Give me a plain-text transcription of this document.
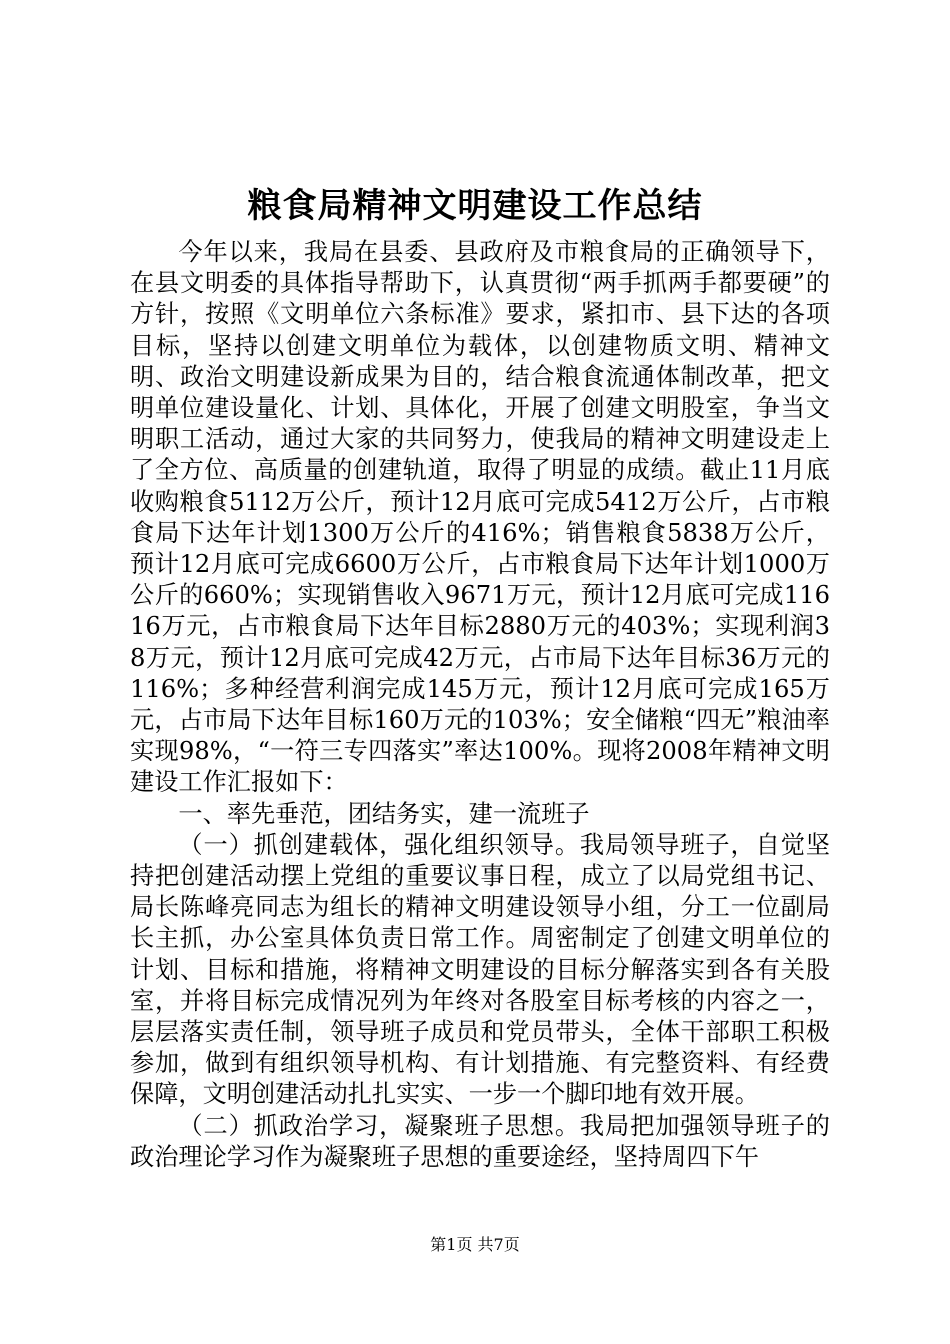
粮食局精神文明建设工作总结

今年以来，我局在县委、县政府及市粮食局的正确领导下，在县文明委的具体指导帮助下，认真贯彻“两手抓两手都要硬”的方针，按照《文明单位六条标准》要求，紧扣市、县下达的各项目标，坚持以创建文明单位为载体，以创建物质文明、精神文明、政治文明建设新成果为目的，结合粮食流通体制改革，把文明单位建设量化、计划、具体化，开展了创建文明股室，争当文明职工活动，通过大家的共同努力，使我局的精神文明建设走上了全方位、高质量的创建轨道，取得了明显的成绩。截止11月底收购粮食5112万公斤，预计12月底可完成5412万公斤，占市粮食局下达年计划1300万公斤的416%；销售粮食5838万公斤，预计12月底可完成6600万公斤，占市粮食局下达年计划1000万公斤的660%；实现销售收入9671万元，预计12月底可完成11616万元，占市粮食局下达年目标2880万元的403%；实现利润38万元，预计12月底可完成42万元，占市局下达年目标36万元的116%；多种经营利润完成145万元，预计12月底可完成165万元，占市局下达年目标160万元的103%；安全储粮“四无”粮油率实现98%，“一符三专四落实”率达100%。现将2008年精神文明建设工作汇报如下：

一、率先垂范，团结务实，建一流班子

（一）抓创建载体，强化组织领导。我局领导班子，自觉坚持把创建活动摆上党组的重要议事日程，成立了以局党组书记、局长陈峰亮同志为组长的精神文明建设领导小组，分工一位副局长主抓，办公室具体负责日常工作。周密制定了创建文明单位的计划、目标和措施，将精神文明建设的目标分解落实到各有关股室，并将目标完成情况列为年终对各股室目标考核的内容之一，层层落实责任制，领导班子成员和党员带头，全体干部职工积极参加，做到有组织领导机构、有计划措施、有完整资料、有经费保障，文明创建活动扎扎实实、一步一个脚印地有效开展。

（二）抓政治学习，凝聚班子思想。我局把加强领导班子的政治理论学习作为凝聚班子思想的重要途经，坚持周四下午

第1页 共7页
